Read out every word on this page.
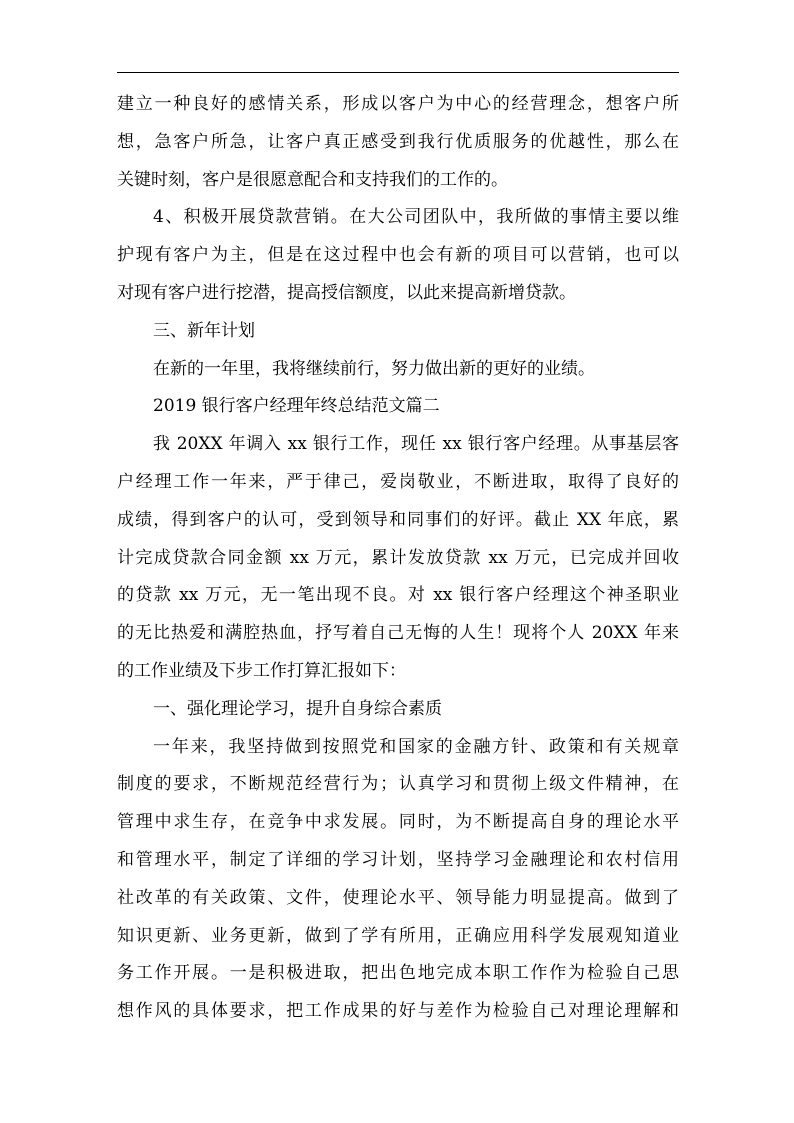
建立一种良好的感情关系，形成以客户为中心的经营理念，想客户所
想，急客户所急，让客户真正感受到我行优质服务的优越性，那么在
关键时刻，客户是很愿意配合和支持我们的工作的。
4、积极开展贷款营销。在大公司团队中，我所做的事情主要以维
护现有客户为主，但是在这过程中也会有新的项目可以营销，也可以
对现有客户进行挖潜，提高授信额度，以此来提高新增贷款。
三、新年计划
在新的一年里，我将继续前行，努力做出新的更好的业绩。
2019 银行客户经理年终总结范文篇二
我 20XX 年调入 xx 银行工作，现任 xx 银行客户经理。从事基层客
户经理工作一年来，严于律己，爱岗敬业，不断进取，取得了良好的
成绩，得到客户的认可，受到领导和同事们的好评。截止 XX 年底，累
计完成贷款合同金额 xx 万元，累计发放贷款 xx 万元，已完成并回收
的贷款 xx 万元，无一笔出现不良。对 xx 银行客户经理这个神圣职业
的无比热爱和满腔热血，抒写着自己无悔的人生！现将个人 20XX 年来
的工作业绩及下步工作打算汇报如下：
一、强化理论学习，提升自身综合素质
一年来，我坚持做到按照党和国家的金融方针、政策和有关规章
制度的要求，不断规范经营行为；认真学习和贯彻上级文件精神，在
管理中求生存，在竞争中求发展。同时，为不断提高自身的理论水平
和管理水平，制定了详细的学习计划，坚持学习金融理论和农村信用
社改革的有关政策、文件，使理论水平、领导能力明显提高。做到了
知识更新、业务更新，做到了学有所用，正确应用科学发展观知道业
务工作开展。一是积极进取，把出色地完成本职工作作为检验自己思
想作风的具体要求，把工作成果的好与差作为检验自己对理论理解和
